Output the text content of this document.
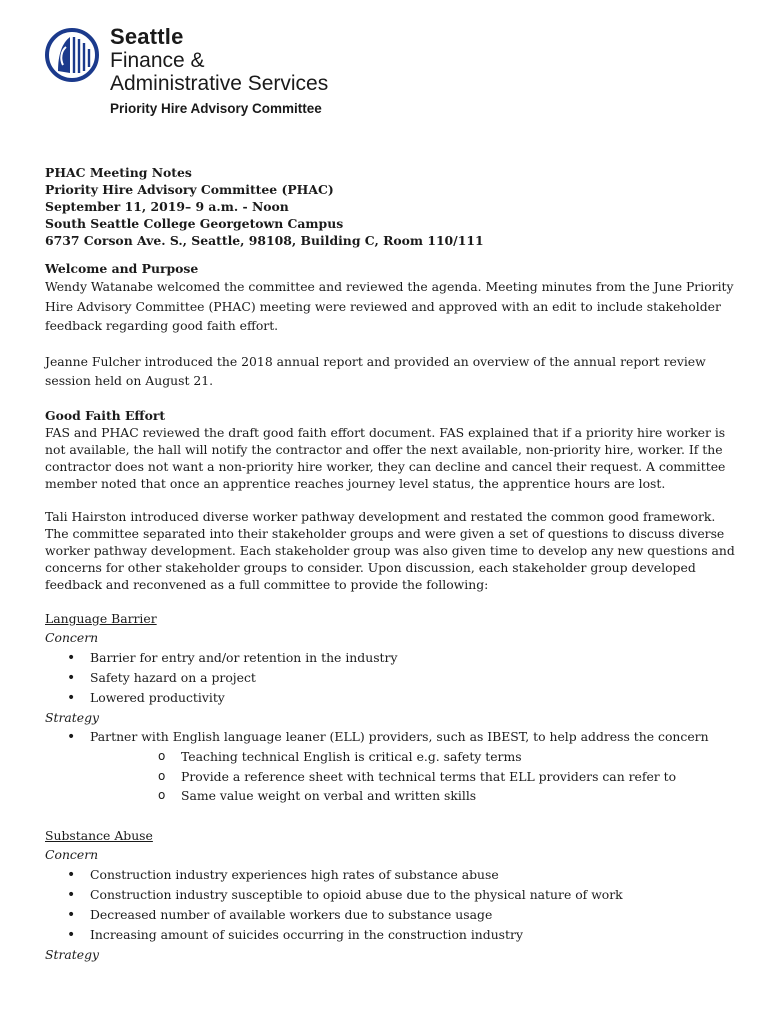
Seattle
Finance &
Administrative Services
Priority Hire Advisory Committee

PHAC Meeting Notes

Priority Hire Advisory Committee (PHAC)

September 11, 2019– 9 a.m. - Noon

South Seattle College Georgetown Campus

6737 Corson Ave. S., Seattle, 98108, Building C, Room 110/111

Welcome and Purpose

Wendy Watanabe welcomed the committee and reviewed the agenda. Meeting minutes from the June Priority Hire Advisory Committee (PHAC) meeting were reviewed and approved with an edit to include stakeholder feedback regarding good faith effort.

Jeanne Fulcher introduced the 2018 annual report and provided an overview of the annual report review session held on August 21.

Good Faith Effort

FAS and PHAC reviewed the draft good faith effort document. FAS explained that if a priority hire worker is not available, the hall will notify the contractor and offer the next available, non-priority hire, worker. If the contractor does not want a non-priority hire worker, they can decline and cancel their request. A committee member noted that once an apprentice reaches journey level status, the apprentice hours are lost.

Tali Hairston introduced diverse worker pathway development and restated the common good framework. The committee separated into their stakeholder groups and were given a set of questions to discuss diverse worker pathway development. Each stakeholder group was also given time to develop any new questions and concerns for other stakeholder groups to consider. Upon discussion, each stakeholder group developed feedback and reconvened as a full committee to provide the following:

Language Barrier

Concern

• Barrier for entry and/or retention in the industry
• Safety hazard on a project
• Lowered productivity

Strategy

• Partner with English language leaner (ELL) providers, such as IBEST, to help address the concern
o Teaching technical English is critical e.g. safety terms
o Provide a reference sheet with technical terms that ELL providers can refer to
o Same value weight on verbal and written skills

Substance Abuse

Concern

• Construction industry experiences high rates of substance abuse
• Construction industry susceptible to opioid abuse due to the physical nature of work
• Decreased number of available workers due to substance usage
• Increasing amount of suicides occurring in the construction industry

Strategy
